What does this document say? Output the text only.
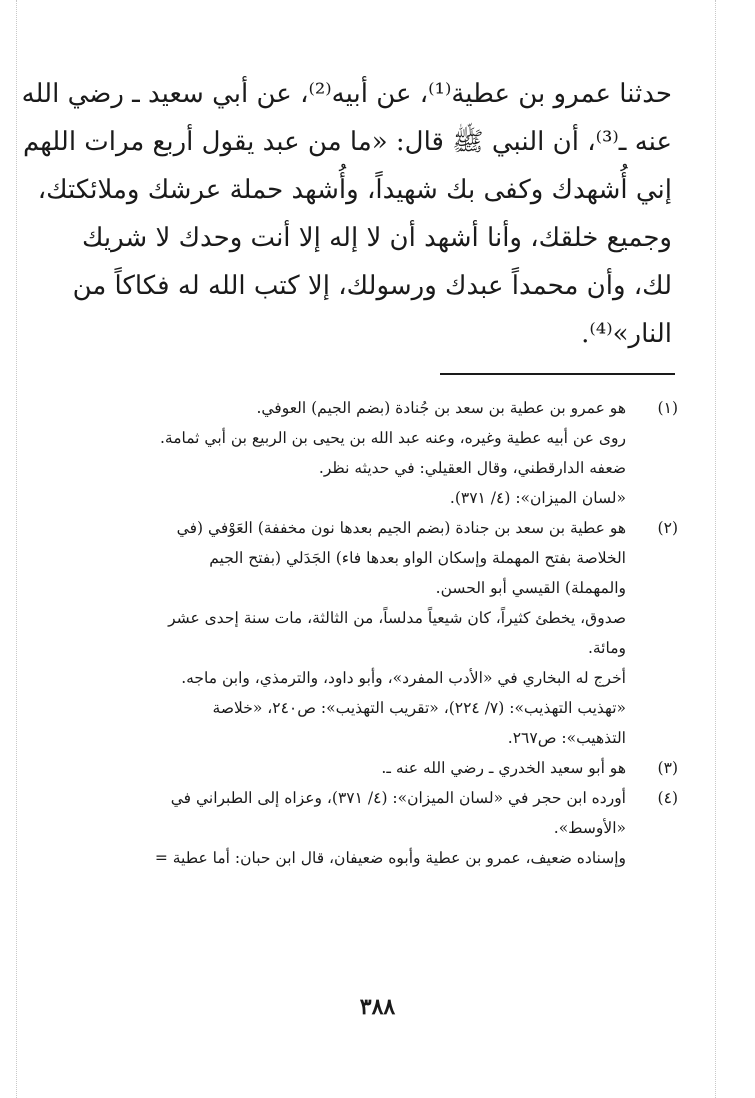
حدثنا عمرو بن عطية⁽¹⁾، عن أبيه⁽²⁾، عن أبي سعيد ـ رضي الله
عنه ـ⁽³⁾، أن النبي ﷺ قال: «ما من عبد يقول أربع مرات اللهم
إني أُشهدك وكفى بك شهيداً، وأُشهد حملة عرشك وملائكتك،
وجميع خلقك، وأنا أشهد أن لا إله إلا أنت وحدك لا شريك
لك، وأن محمداً عبدك ورسولك، إلا كتب الله له فكاكاً من
النار»⁽⁴⁾.
(١)
هو عمرو بن عطية بن سعد بن جُنادة (بضم الجيم) العوفي.
روى عن أبيه عطية وغيره، وعنه عبد الله بن يحيى بن الربيع بن أبي ثمامة.
ضعفه الدارقطني، وقال العقيلي: في حديثه نظر.
«لسان الميزان»: (٤/ ٣٧١).
(٢)
هو عطية بن سعد بن جنادة (بضم الجيم بعدها نون مخففة) العَوْفي (في
الخلاصة بفتح المهملة وإسكان الواو بعدها فاء) الجَدَلي (بفتح الجيم
والمهملة) القيسي أبو الحسن.
صدوق، يخطئ كثيراً، كان شيعياً مدلساً، من الثالثة، مات سنة إحدى عشر
ومائة.
أخرج له البخاري في «الأدب المفرد»، وأبو داود، والترمذي، وابن ماجه.
«تهذيب التهذيب»: (٧/ ٢٢٤)، «تقريب التهذيب»: ص٢٤٠، «خلاصة
التذهيب»: ص٢٦٧.
(٣)
هو أبو سعيد الخدري ـ رضي الله عنه ـ.
(٤)
أورده ابن حجر في «لسان الميزان»: (٤/ ٣٧١)، وعزاه إلى الطبراني في
«الأوسط».
وإسناده ضعيف، عمرو بن عطية وأبوه ضعيفان، قال ابن حبان: أما عطية =
٣٨٨
